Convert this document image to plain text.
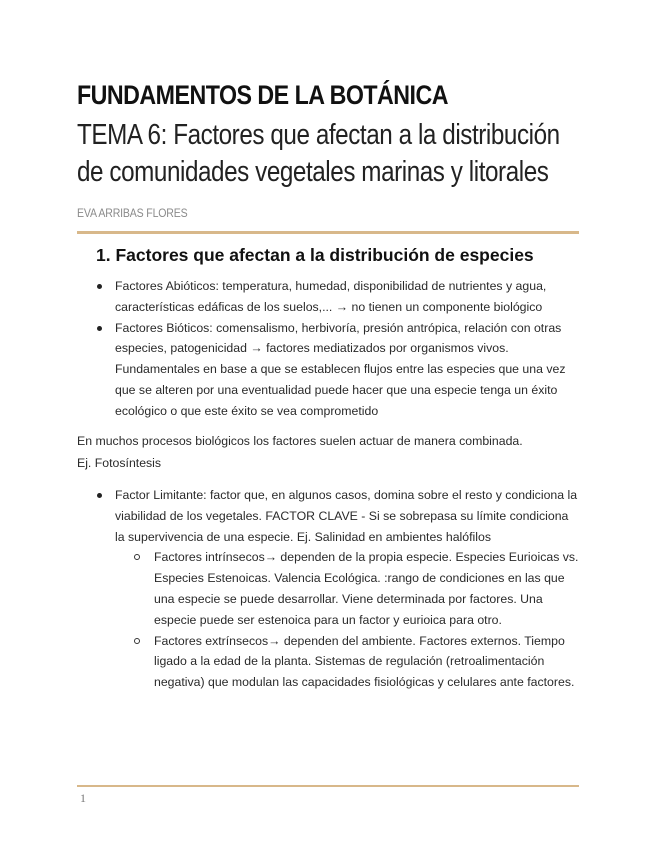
FUNDAMENTOS DE LA BOTÁNICA
TEMA 6: Factores que afectan a la distribución de comunidades vegetales marinas y litorales

EVA ARRIBAS FLORES

1. Factores que afectan a la distribución de especies
Factores Abióticos: temperatura, humedad, disponibilidad de nutrientes y agua, características edáficas de los suelos,... → no tienen un componente biológico
Factores Bióticos: comensalismo, herbivoría, presión antrópica, relación con otras especies, patogenicidad → factores mediatizados por organismos vivos. Fundamentales en base a que se establecen flujos entre las especies que una vez que se alteren por una eventualidad puede hacer que una especie tenga un éxito ecológico o que este éxito se vea comprometido

En muchos procesos biológicos los factores suelen actuar de manera combinada.

Ej. Fotosíntesis

Factor Limitante: factor que, en algunos casos, domina sobre el resto y condiciona la viabilidad de los vegetales. FACTOR CLAVE - Si se sobrepasa su límite condiciona la supervivencia de una especie. Ej. Salinidad en ambientes halófilos
Factores intrínsecos→ dependen de la propia especie. Especies Eurioicas vs. Especies Estenoicas. Valencia Ecológica. :rango de condiciones en las que una especie se puede desarrollar. Viene determinada por factores. Una especie puede ser estenoica para un factor y eurioica para otro.
Factores extrínsecos→ dependen del ambiente. Factores externos. Tiempo ligado a la edad de la planta. Sistemas de regulación (retroalimentación negativa) que modulan las capacidades fisiológicas y celulares ante factores.
1
